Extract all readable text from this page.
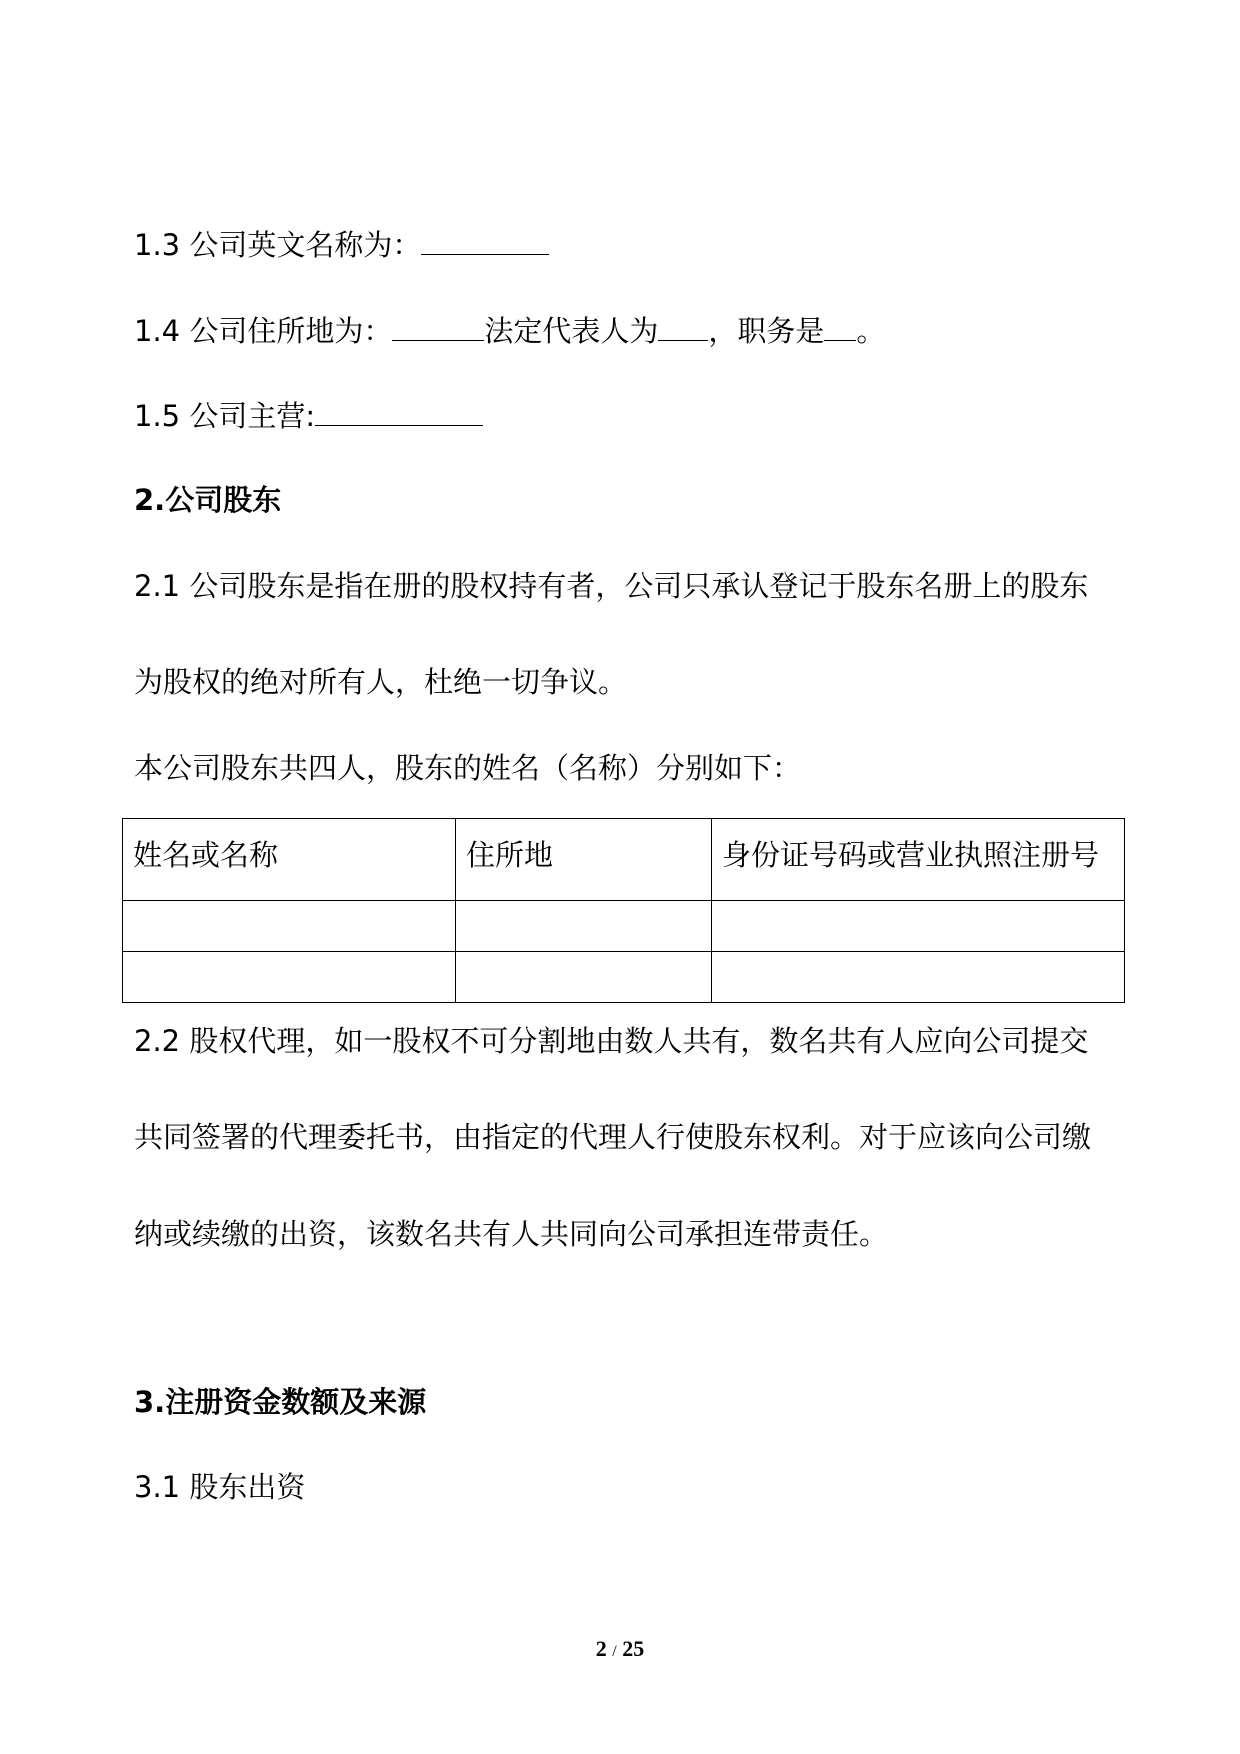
1.3 公司英文名称为：

1.4 公司住所地为：	法定代表人为 ，职务是 。

1.5 公司主营:

2.公司股东

2.1 公司股东是指在册的股权持有者，公司只承认登记于股东名册上的股东

为股权的绝对所有人，杜绝一切争议。

本公司股东共四人，股东的姓名（名称）分别如下：

姓名或名称	住所地	身份证号码或营业执照注册号

2.2 股权代理，如一股权不可分割地由数人共有，数名共有人应向公司提交

共同签署的代理委托书，由指定的代理人行使股东权利。对于应该向公司缴

纳或续缴的出资，该数名共有人共同向公司承担连带责任。

3.注册资金数额及来源

3.1 股东出资

2 / 25
